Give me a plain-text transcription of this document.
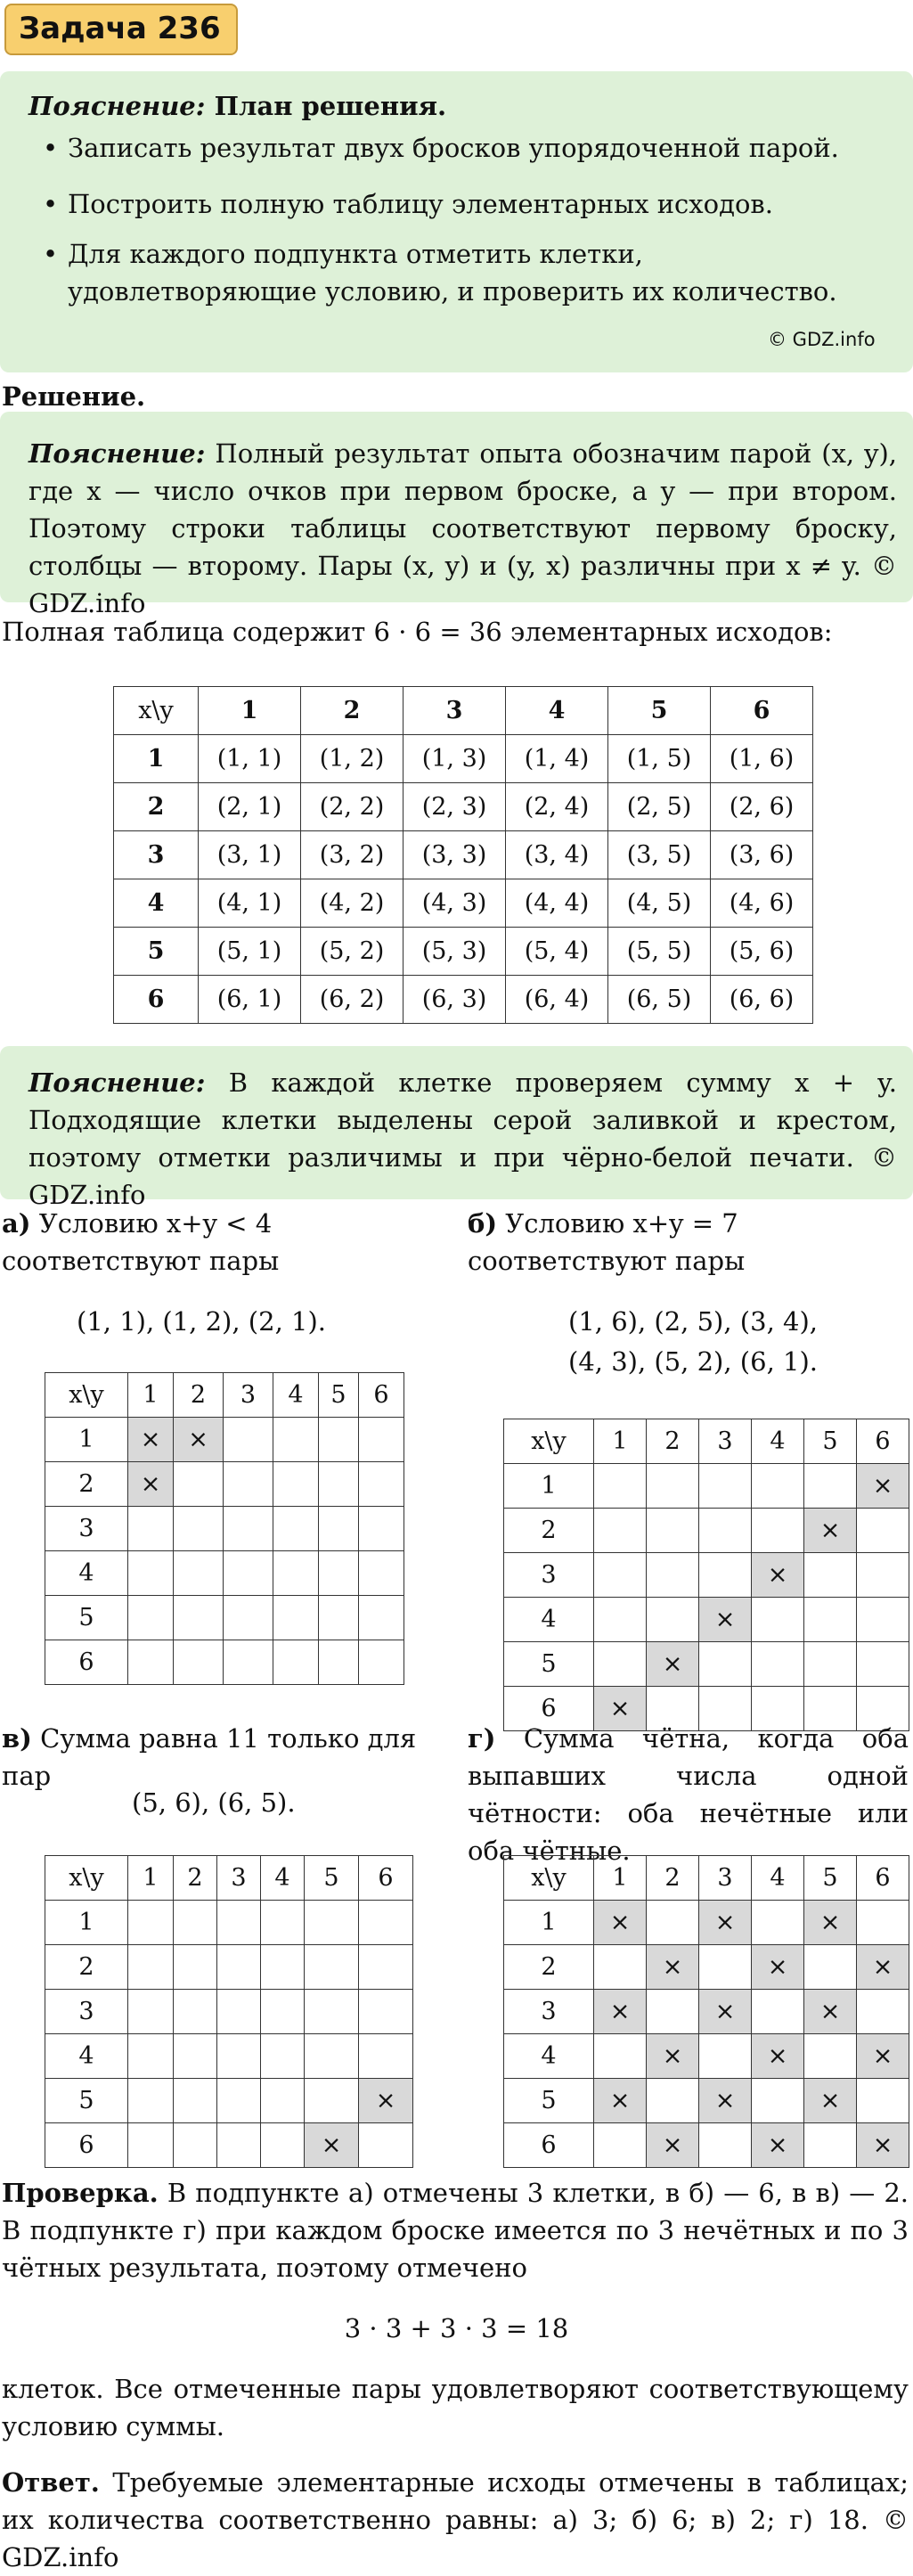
Задача 236
Пояснение: План решения.
• Записать результат двух бросков упорядоченной парой.
• Построить полную таблицу элементарных исходов.
• Для каждого подпункта отметить клетки, удовлетворяющие условию, и проверить их количество.
© GDZ.info
Решение.
Пояснение: Полный результат опыта обозначим парой (x, y), где x — число очков при первом броске, а y — при втором. Поэтому строки таблицы соответствуют первому броску, столбцы — второму. Пары (x, y) и (y, x) различны при x ≠ y. © GDZ.info
Полная таблица содержит 6 · 6 = 36 элементарных исходов:
x\y	1	2	3	4	5	6
1	(1, 1)	(1, 2)	(1, 3)	(1, 4)	(1, 5)	(1, 6)
2	(2, 1)	(2, 2)	(2, 3)	(2, 4)	(2, 5)	(2, 6)
3	(3, 1)	(3, 2)	(3, 3)	(3, 4)	(3, 5)	(3, 6)
4	(4, 1)	(4, 2)	(4, 3)	(4, 4)	(4, 5)	(4, 6)
5	(5, 1)	(5, 2)	(5, 3)	(5, 4)	(5, 5)	(5, 6)
6	(6, 1)	(6, 2)	(6, 3)	(6, 4)	(6, 5)	(6, 6)
Пояснение: В каждой клетке проверяем сумму x + y. Подходящие клетки выделены серой заливкой и крестом, поэтому отметки различимы и при чёрно-белой печати. © GDZ.info
а) Условию x+y < 4 соответствуют пары
(1, 1), (1, 2), (2, 1).
x\y	1	2	3	4	5	6
1	×	×				
2	×					
3						
4						
5						
6						
б) Условию x+y = 7 соответствуют пары
(1, 6), (2, 5), (3, 4),
(4, 3), (5, 2), (6, 1).
x\y	1	2	3	4	5	6
1						×
2					×	
3				×		
4			×			
5		×				
6	×					
в) Сумма равна 11 только для пар
(5, 6), (6, 5).
x\y	1	2	3	4	5	6
1						
2						
3						
4						
5						×
6					×	
г) Сумма чётна, когда оба выпавших числа одной чётности: оба нечётные или оба чётные.
x\y	1	2	3	4	5	6
1	×		×		×	
2		×		×		×
3	×		×		×	
4		×		×		×
5	×		×		×	
6		×		×		×
Проверка. В подпункте а) отмечены 3 клетки, в б) — 6, в в) — 2. В подпункте г) при каждом броске имеется по 3 нечётных и по 3 чётных результата, поэтому отмечено
3 · 3 + 3 · 3 = 18
клеток. Все отмеченные пары удовлетворяют соответствующему условию суммы.
Ответ. Требуемые элементарные исходы отмечены в таблицах; их количества соответственно равны: а) 3; б) 6; в) 2; г) 18. © GDZ.info
